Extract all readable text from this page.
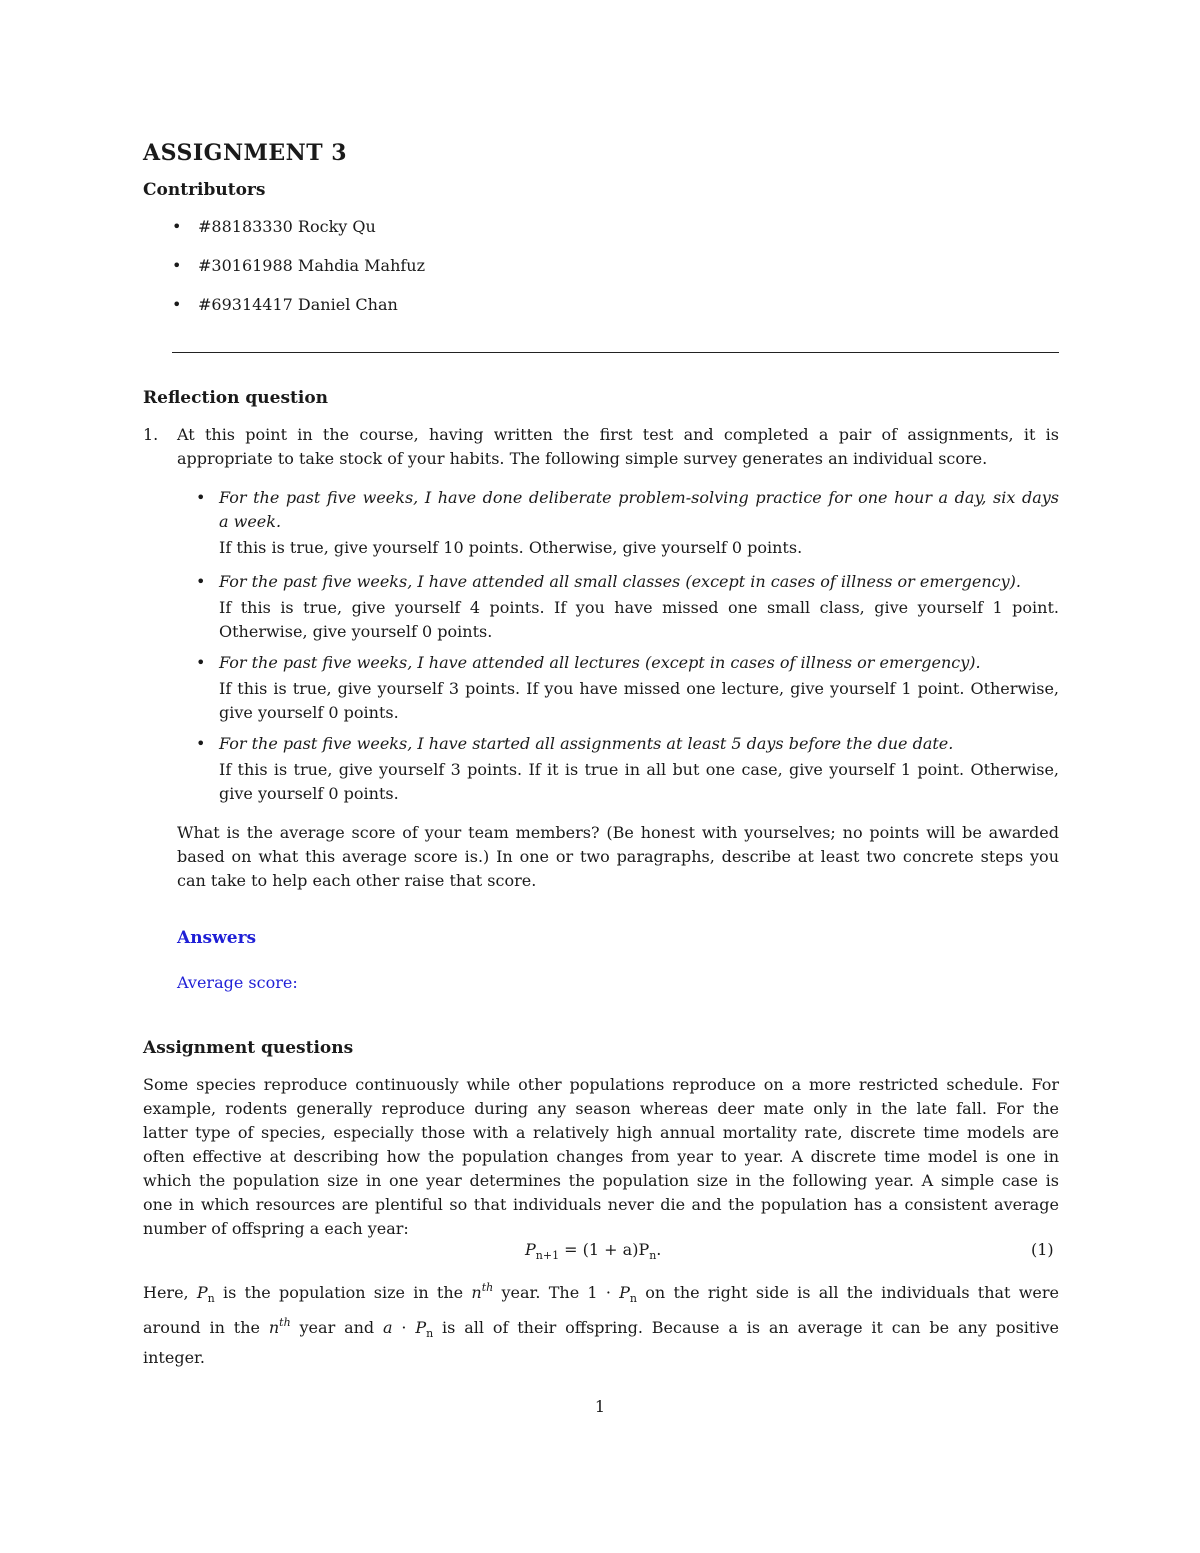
ASSIGNMENT 3
Contributors
• #88183330 Rocky Qu
• #30161988 Mahdia Mahfuz
• #69314417 Daniel Chan
Reflection question
1. At this point in the course, having written the first test and completed a pair of assignments, it is
appropriate to take stock of your habits. The following simple survey generates an individual score.
• For the past five weeks, I have done deliberate problem-solving practice for one hour a day, six days
a week.
If this is true, give yourself 10 points. Otherwise, give yourself 0 points.
• For the past five weeks, I have attended all small classes (except in cases of illness or emergency).
If this is true, give yourself 4 points. If you have missed one small class, give yourself 1 point.
Otherwise, give yourself 0 points.
• For the past five weeks, I have attended all lectures (except in cases of illness or emergency).
If this is true, give yourself 3 points. If you have missed one lecture, give yourself 1 point. Otherwise,
give yourself 0 points.
• For the past five weeks, I have started all assignments at least 5 days before the due date.
If this is true, give yourself 3 points. If it is true in all but one case, give yourself 1 point. Otherwise,
give yourself 0 points.
What is the average score of your team members? (Be honest with yourselves; no points will be awarded
based on what this average score is.) In one or two paragraphs, describe at least two concrete steps you
can take to help each other raise that score.
Answers
Average score:
Assignment questions
Some species reproduce continuously while other populations reproduce on a more restricted schedule. For
example, rodents generally reproduce during any season whereas deer mate only in the late fall. For the
latter type of species, especially those with a relatively high annual mortality rate, discrete time models are
often effective at describing how the population changes from year to year. A discrete time model is one in
which the population size in one year determines the population size in the following year. A simple case is
one in which resources are plentiful so that individuals never die and the population has a consistent average
number of offspring a each year:
$P_{n+1} = (1 + a)P_n$.	(1)
Here, $P_n$ is the population size in the $n^{th}$ year. The $1 \cdot P_n$ on the right side is all the individuals that were
around in the $n^{th}$ year and $a \cdot P_n$ is all of their offspring. Because a is an average it can be any positive
integer.
1
